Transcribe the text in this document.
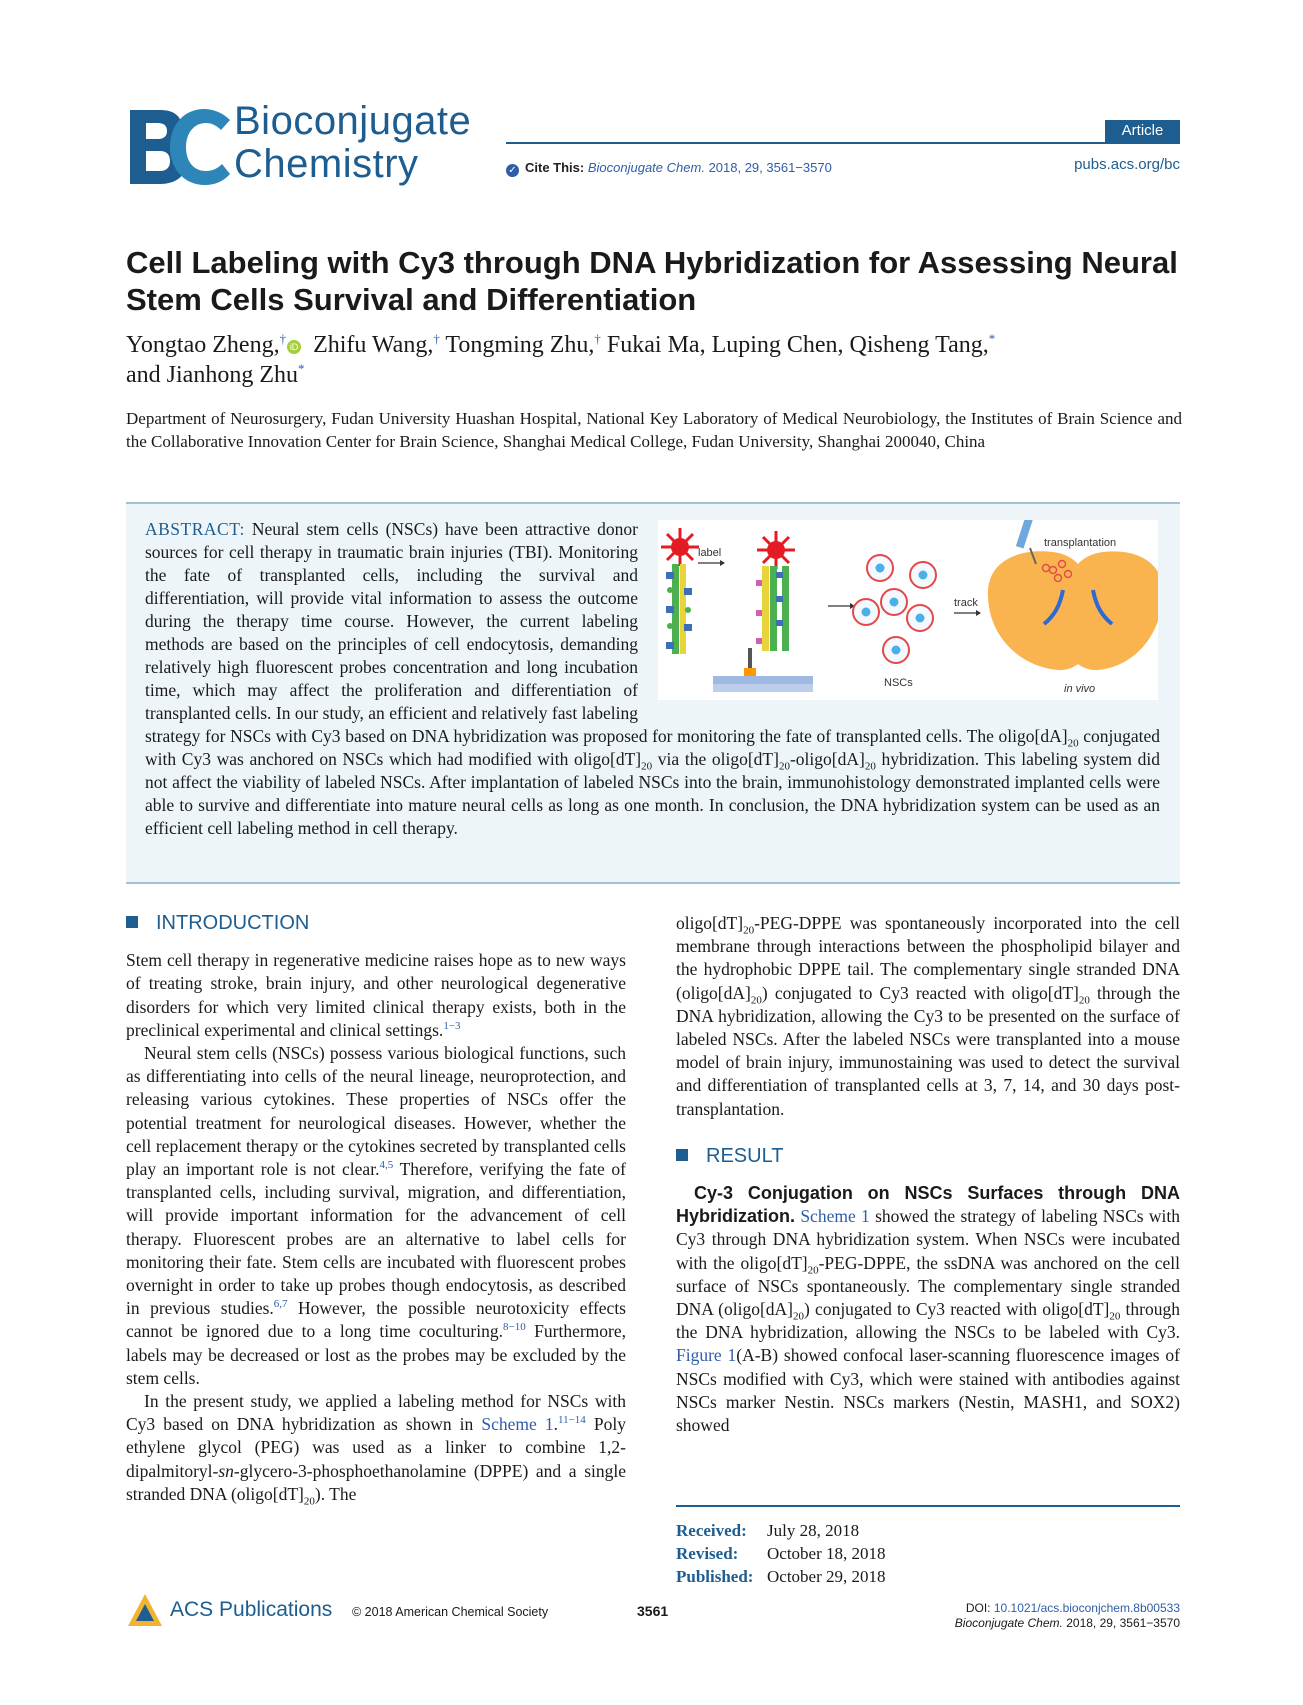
Bioconjugate
Chemistry
Article
✓ Cite This: Bioconjugate Chem. 2018, 29, 3561−3570	pubs.acs.org/bc
Cell Labeling with Cy3 through DNA Hybridization for Assessing Neural Stem Cells Survival and Differentiation
Yongtao Zheng,†iD Zhifu Wang,† Tongming Zhu,† Fukai Ma, Luping Chen, Qisheng Tang,*
and Jianhong Zhu*
Department of Neurosurgery, Fudan University Huashan Hospital, National Key Laboratory of Medical Neurobiology, the Institutes of Brain Science and the Collaborative Innovation Center for Brain Science, Shanghai Medical College, Fudan University, Shanghai 200040, China
ABSTRACT: Neural stem cells (NSCs) have been attractive donor sources for cell therapy in traumatic brain injuries (TBI). Monitoring the fate of transplanted cells, including the survival and differentiation, will provide vital information to assess the outcome during the therapy time course. However, the current labeling methods are based on the principles of cell endocytosis, demanding relatively high fluorescent probes concentration and long incubation time, which may affect the proliferation and differentiation of transplanted cells. In our study, an efficient and relatively fast labeling strategy for NSCs with Cy3 based on DNA hybridization was proposed for monitoring the fate of transplanted cells. The $oligo[dA]_{20}$ conjugated with Cy3 was anchored on NSCs which had modified with $oligo[dT]_{20}$ via the $oligo[dT]_{20}-oligo[dA]_{20}$ hybridization. This labeling system did not affect the viability of labeled NSCs. After implantation of labeled NSCs into the brain, immunohistology demonstrated implanted cells were able to survive and differentiate into mature neural cells as long as one month. In conclusion, the DNA hybridization system can be used as an efficient cell labeling method in cell therapy.
label
NSCs
track
transplantation
in vivo
INTRODUCTION

Stem cell therapy in regenerative medicine raises hope as to new ways of treating stroke, brain injury, and other neurological degenerative disorders for which very limited clinical therapy exists, both in the preclinical experimental and clinical settings.$^{1-3}$

Neural stem cells (NSCs) possess various biological functions, such as differentiating into cells of the neural lineage, neuroprotection, and releasing various cytokines. These properties of NSCs offer the potential treatment for neurological diseases. However, whether the cell replacement therapy or the cytokines secreted by transplanted cells play an important role is not clear.$^{4,5}$ Therefore, verifying the fate of transplanted cells, including survival, migration, and differentiation, will provide important information for the advancement of cell therapy. Fluorescent probes are an alternative to label cells for monitoring their fate. Stem cells are incubated with fluorescent probes overnight in order to take up probes though endocytosis, as described in previous studies.$^{6,7}$ However, the possible neurotoxicity effects cannot be ignored due to a long time coculturing.$^{8-10}$ Furthermore, labels may be decreased or lost as the probes may be excluded by the stem cells.

In the present study, we applied a labeling method for NSCs with Cy3 based on DNA hybridization as shown in Scheme 1.$^{11-14}$ Poly ethylene glycol (PEG) was used as a linker to combine 1,2-dipalmitoryl-sn-glycero-3-phosphoethanolamine (DPPE) and a single stranded DNA $(oligo[dT]_{20})$. The

$oligo[dT]_{20}-PEG$-DPPE was spontaneously incorporated into the cell membrane through interactions between the phospholipid bilayer and the hydrophobic DPPE tail. The complementary single stranded DNA $(oligo[dA]_{20})$ conjugated to Cy3 reacted with $oligo[dT]_{20}$ through the DNA hybridization, allowing the Cy3 to be presented on the surface of labeled NSCs. After the labeled NSCs were transplanted into a mouse model of brain injury, immunostaining was used to detect the survival and differentiation of transplanted cells at 3, 7, 14, and 30 days post-transplantation.

RESULT

Cy-3 Conjugation on NSCs Surfaces through DNA Hybridization. Scheme 1 showed the strategy of labeling NSCs with Cy3 through DNA hybridization system. When NSCs were incubated with the $oligo[dT]_{20}-PEG$-DPPE, the ssDNA was anchored on the cell surface of NSCs spontaneously. The complementary single stranded DNA $(oligo[dA]_{20})$ conjugated to Cy3 reacted with $oligo[dT]_{20}$ through the DNA hybridization, allowing the NSCs to be labeled with Cy3. Figure 1(A-B) showed confocal laser-scanning fluorescence images of NSCs modified with Cy3, which were stained with antibodies against NSCs marker Nestin. NSCs markers (Nestin, MASH1, and SOX2) showed

Received: July 28, 2018
Revised: October 18, 2018
Published: October 29, 2018
ACS Publications © 2018 American Chemical Society	3561	DOI: 10.1021/acs.bioconjchem.8b00533
Bioconjugate Chem. 2018, 29, 3561−3570
